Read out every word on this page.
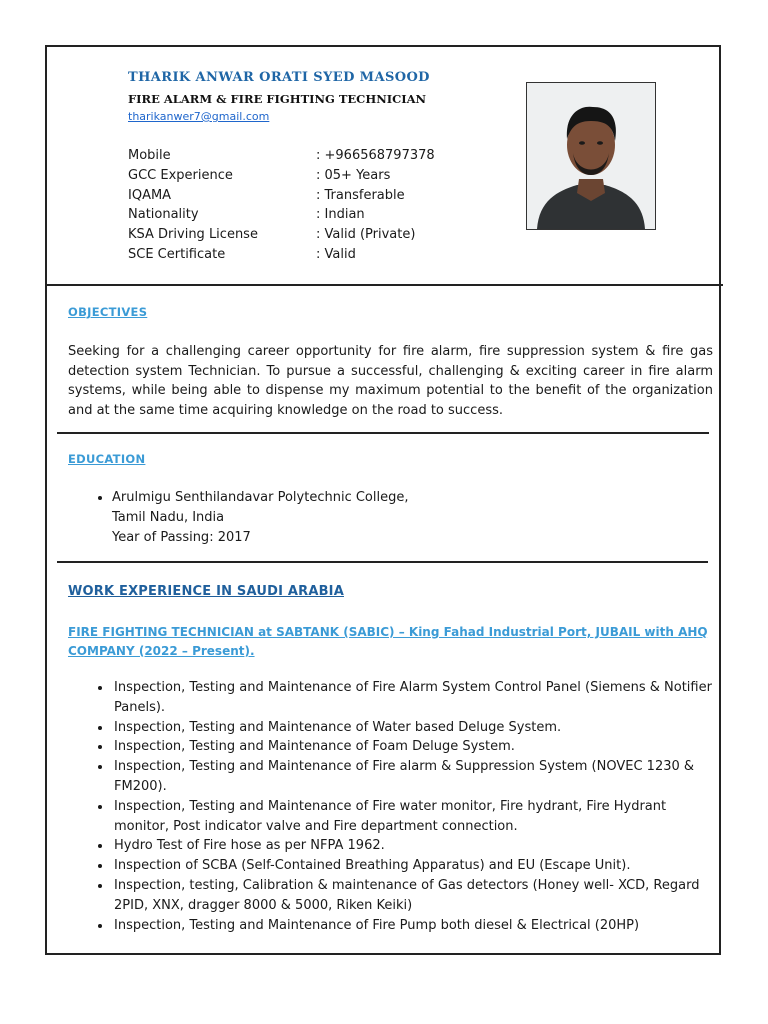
THARIK ANWAR ORATI SYED MASOOD
FIRE ALARM & FIRE FIGHTING TECHNICIAN
tharikanwer7@gmail.com
Mobile	: +966568797378
GCC Experience	: 05+ Years
IQAMA	: Transferable
Nationality	: Indian
KSA Driving License	: Valid (Private)
SCE Certificate	: Valid
OBJECTIVES
Seeking for a challenging career opportunity for fire alarm, fire suppression system & fire gas detection system Technician. To pursue a successful, challenging & exciting career in fire alarm systems, while being able to dispense my maximum potential to the benefit of the organization and at the same time acquiring knowledge on the road to success.
EDUCATION
• Arulmigu Senthilandavar Polytechnic College,
Tamil Nadu, India
Year of Passing: 2017
WORK EXPERIENCE IN SAUDI ARABIA
FIRE FIGHTING TECHNICIAN at SABTANK (SABIC) – King Fahad Industrial Port, JUBAIL with AHQ COMPANY (2022 – Present).
• Inspection, Testing and Maintenance of Fire Alarm System Control Panel (Siemens & Notifier Panels).
• Inspection, Testing and Maintenance of Water based Deluge System.
• Inspection, Testing and Maintenance of Foam Deluge System.
• Inspection, Testing and Maintenance of Fire alarm & Suppression System (NOVEC 1230 & FM200).
• Inspection, Testing and Maintenance of Fire water monitor, Fire hydrant, Fire Hydrant monitor, Post indicator valve and Fire department connection.
• Hydro Test of Fire hose as per NFPA 1962.
• Inspection of SCBA (Self-Contained Breathing Apparatus) and EU (Escape Unit).
• Inspection, testing, Calibration & maintenance of Gas detectors (Honey well- XCD, Regard 2PID, XNX, dragger 8000 & 5000, Riken Keiki)
• Inspection, Testing and Maintenance of Fire Pump both diesel & Electrical (20HP)
